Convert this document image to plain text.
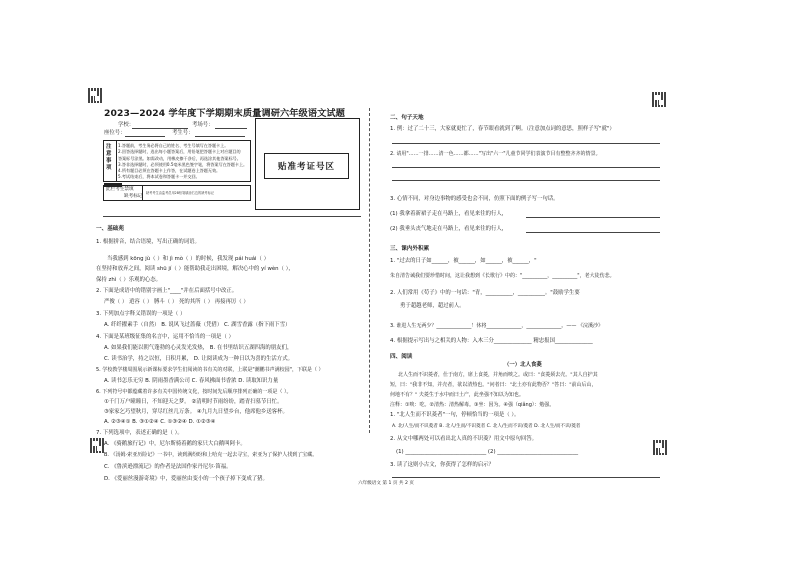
2023—2024 学年度下学期期末质量调研六年级语文试题
学校：	考场号：
座位号：	考生号：
注意事项
1.答题前，考生务必将自己的姓名、考生号填写在答题卡上。
2.回答选择题时，选出每小题答案后，用铅笔把答题卡上对应题目的
答案标号涂黑。如需改动，用橡皮擦干净后，再选涂其他答案标号。
3.答非选择题时，必须使用0.5毫米黑色签字笔，将答案写在答题卡上。
4.所有题目必须在答题卡上作答，在试题卷上答题无效。
5.考试结束后，将本试卷和答题卡一并交回。
贴准考证号区
此栏考生禁填
缺考标记
缺考考生由监考员用2B铅笔填涂右边的缺考标记
一、基础苑
1. 根据拼音，结合语境，写出正确的词语。
当我感到 kōng jù（ ）和 jì mò（ ）的时候，我发现 pái huái（ ）
在坚持和放弃之间，阅读 shū jí（ ）能帮助我走出困境，解决心中的 yí wèn（ ），
保持 zhì（ ）乐观的心态。
2. 下面是成语中的错别字画上"____"并在后面括号中改正。
严俊（ ） 逍容（ ） 膊斗（ ） 死的其所（ ） 再接再厉（ ）
3. 下列加点字释义错误的一项是（ ）
A. 纤纤擢素手（自然） B. 说风飞过蔷薇（凭借） C. 湖雪香露（指下雨下雪）
4. 下面是某班级征集的名言中，运用不恰当的一项是（ ）
A. 如果我们能以朝气蓬勃的心灵发光发热， B. 在书里结识五湖四海的朋友们，
C. 读书治学，持之以恒，日积月累， D. 让阅读成为一种日以为喜的生活方式。
5. 学校教学楼周围展示新课标要求学生们阅读的书有关的对联，上联是"潮鹏书声满校园"，下联是（ ）
A. 读书怎乐无穷 B. 阴雨墨香满公司 C. 春风拂面书香浓 D. 读取知识力量
6. 下列符号中都蕴藏着许多有关中国传统文化，按时间先后顺序排列正确的一项是（ ）。
①千门万户曈曈日，不知迎天之梦。 ②清明时节雨纷纷，踏青扫墓节日忙。
③家家乞巧望秋月，穿尽红丝几万条。 ④九月九日望乡台，他席他乡送客杯。
A. ②③④① B. ③①②④ C. ①③②④ D. ①②③④
7. 下列选项中，表述正确的是（ ）。
A. 《骑鹅旅行记》中，尼尔斯骑着鹅的家只大白鹅叫阿卡。
B. 《汤姆·索亚历险记》一书中，读到满纷盼和上哈克一起去寻宝，索亚为了保护人找到了宝藏。
C. 《鲁滨逊漂流记》的作者是法国作家丹尼尔·笛福。
D. 《爱丽丝漫游奇境》中，爱丽丝由变小的一个孩子掉下变成了猪。
二、句子天地
1. 例：过了二十三，大家就更忙了，春节眼看就到了啊。（注意加点词的意思，照样子写"就"）
2. 请用"……一排……清一色……都……"写出"六一"儿童节同学们表演节目有整整齐齐的情景。
3. 心情不同，对身边事物的感受也会不同，仿照下面的例子写一句话。
(1) 我拿着新裙子走在马路上，看见来往的行人，
(2) 我垂头丧气地走在马路上，看见来往的行人，
三、课内外积累
1. "过去的日子如______，被______，如______，被______，"
朱自清告诫我们要珍惜时间，这让我想到《长歌行》中的："__________，__________"，老大徒伤悲。
2. 人们常用《苟子》中的一句话："青，__________，__________。"鼓励学生要
勇于超越老师，超过前人。
3. 谁进人生无两少？______________！休将______________，______________。—— 《浣溪沙》
4. 根据提示写出与之相关的人物：入木三分______________ 精忠报国______________
四、阅读
（一）北人食菱
北人生而不识菱者，仕于南方，席上食菱，并角而啖之。或曰："食菱须去壳。"其人自护其
短，曰："我非不知，并壳者，欲以清热也。"问者曰："北土亦有此物否？"答曰："前山后山，
何地不有？" 夫菱生于水中而曰土产，此坐强不知以为知也。
注释：①啖：吃。②清热：清热解毒。③坐：因为。④强（qiǎng）：勉强。
1. "北人生而不识菱者"一句，停顿恰当的一项是（ ）。
A. 北/人生/而不识菱者 B. 北人/生而/不识菱者 C. 北人/生而不识/菱者 D. 北人生/而不识/菱者
2. 从文中哪两处可以看出北人真的不识菱？用文中原句回答。
(1) ______________________________ (2) ______________________________
3. 读了这则小古文，你获得了怎样的启示？
六年级语文 第 1 页 共 2 页
